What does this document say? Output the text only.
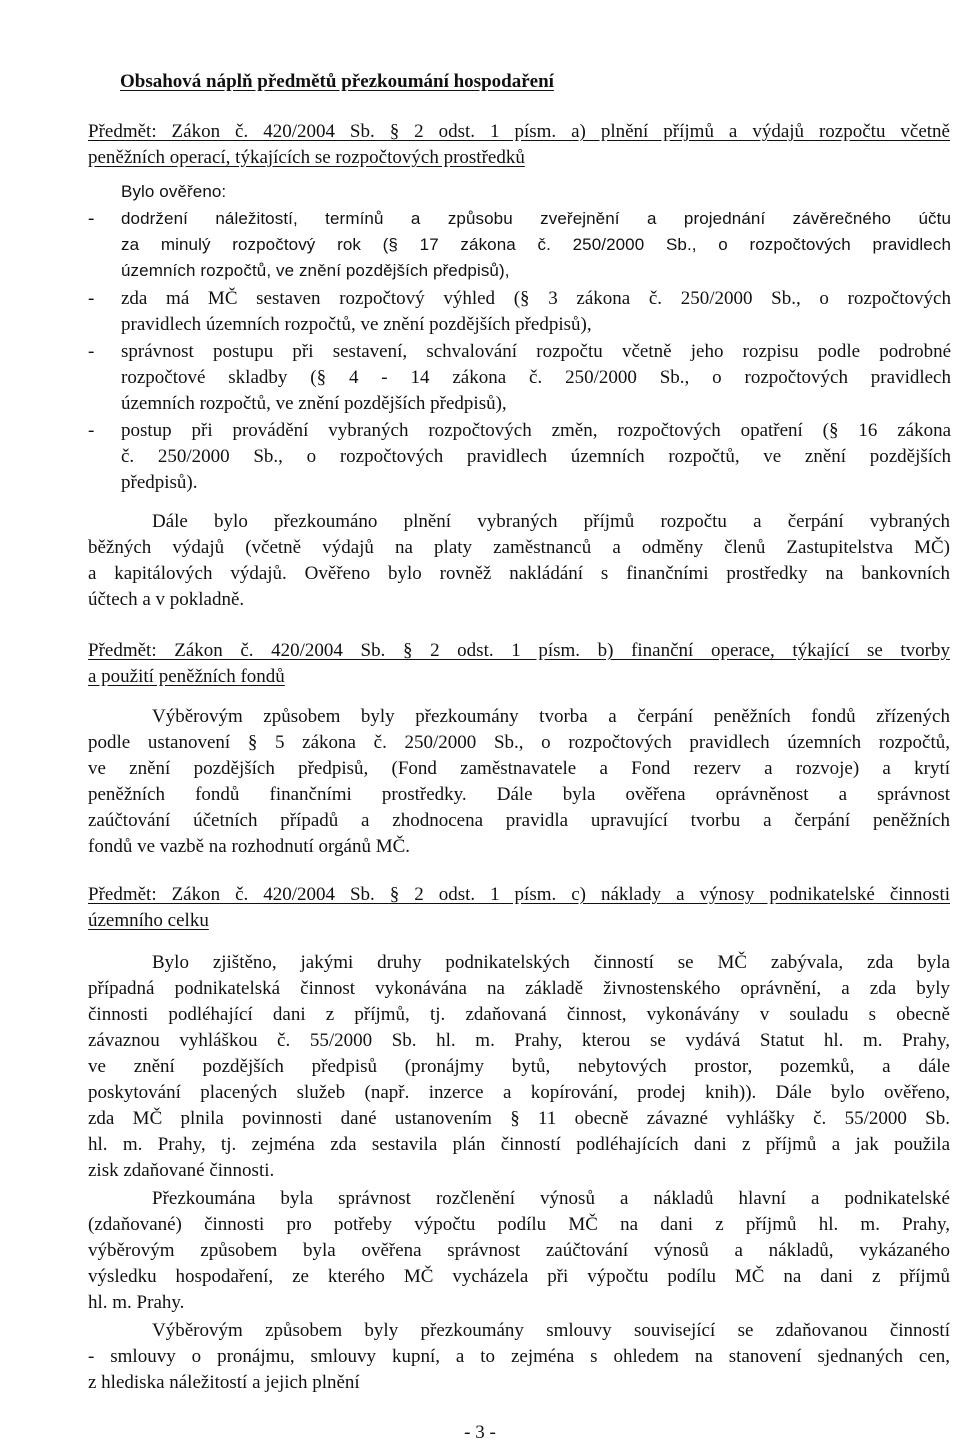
Obsahová náplň předmětů přezkoumání hospodaření
Předmět: Zákon č. 420/2004 Sb. § 2 odst. 1 písm. a) plnění příjmů a výdajů rozpočtu včetně
peněžních operací, týkajících se rozpočtových prostředků
Bylo ověřeno:
- dodržení náležitostí, termínů a způsobu zveřejnění a projednání závěrečného účtu
za minulý rozpočtový rok (§ 17 zákona č. 250/2000 Sb., o rozpočtových pravidlech
územních rozpočtů, ve znění pozdějších předpisů),
- zda má MČ sestaven rozpočtový výhled (§ 3 zákona č. 250/2000 Sb., o rozpočtových
pravidlech územních rozpočtů, ve znění pozdějších předpisů),
- správnost postupu při sestavení, schvalování rozpočtu včetně jeho rozpisu podle podrobné
rozpočtové skladby (§ 4 - 14 zákona č. 250/2000 Sb., o rozpočtových pravidlech
územních rozpočtů, ve znění pozdějších předpisů),
- postup při provádění vybraných rozpočtových změn, rozpočtových opatření (§ 16 zákona
č. 250/2000 Sb., o rozpočtových pravidlech územních rozpočtů, ve znění pozdějších
předpisů).
Dále bylo přezkoumáno plnění vybraných příjmů rozpočtu a čerpání vybraných
běžných výdajů (včetně výdajů na platy zaměstnanců a odměny členů Zastupitelstva MČ)
a kapitálových výdajů. Ověřeno bylo rovněž nakládání s finančními prostředky na bankovních
účtech a v pokladně.
Předmět: Zákon č. 420/2004 Sb. § 2 odst. 1 písm. b) finanční operace, týkající se tvorby
a použití peněžních fondů
Výběrovým způsobem byly přezkoumány tvorba a čerpání peněžních fondů zřízených
podle ustanovení § 5 zákona č. 250/2000 Sb., o rozpočtových pravidlech územních rozpočtů,
ve znění pozdějších předpisů, (Fond zaměstnavatele a Fond rezerv a rozvoje) a krytí
peněžních fondů finančními prostředky. Dále byla ověřena oprávněnost a správnost
zaúčtování účetních případů a zhodnocena pravidla upravující tvorbu a čerpání peněžních
fondů ve vazbě na rozhodnutí orgánů MČ.
Předmět: Zákon č. 420/2004 Sb. § 2 odst. 1 písm. c) náklady a výnosy podnikatelské činnosti
územního celku
Bylo zjištěno, jakými druhy podnikatelských činností se MČ zabývala, zda byla
případná podnikatelská činnost vykonávána na základě živnostenského oprávnění, a zda byly
činnosti podléhající dani z příjmů, tj. zdaňovaná činnost, vykonávány v souladu s obecně
závaznou vyhláškou č. 55/2000 Sb. hl. m. Prahy, kterou se vydává Statut hl. m. Prahy,
ve znění pozdějších předpisů (pronájmy bytů, nebytových prostor, pozemků, a dále
poskytování placených služeb (např. inzerce a kopírování, prodej knih)). Dále bylo ověřeno,
zda MČ plnila povinnosti dané ustanovením § 11 obecně závazné vyhlášky č. 55/2000 Sb.
hl. m. Prahy, tj. zejména zda sestavila plán činností podléhajících dani z příjmů a jak použila
zisk zdaňované činnosti.
Přezkoumána byla správnost rozčlenění výnosů a nákladů hlavní a podnikatelské
(zdaňované) činnosti pro potřeby výpočtu podílu MČ na dani z příjmů hl. m. Prahy,
výběrovým způsobem byla ověřena správnost zaúčtování výnosů a nákladů, vykázaného
výsledku hospodaření, ze kterého MČ vycházela při výpočtu podílu MČ na dani z příjmů
hl. m. Prahy.
Výběrovým způsobem byly přezkoumány smlouvy související se zdaňovanou činností
- smlouvy o pronájmu, smlouvy kupní, a to zejména s ohledem na stanovení sjednaných cen,
z hlediska náležitostí a jejich plnění
- 3 -
